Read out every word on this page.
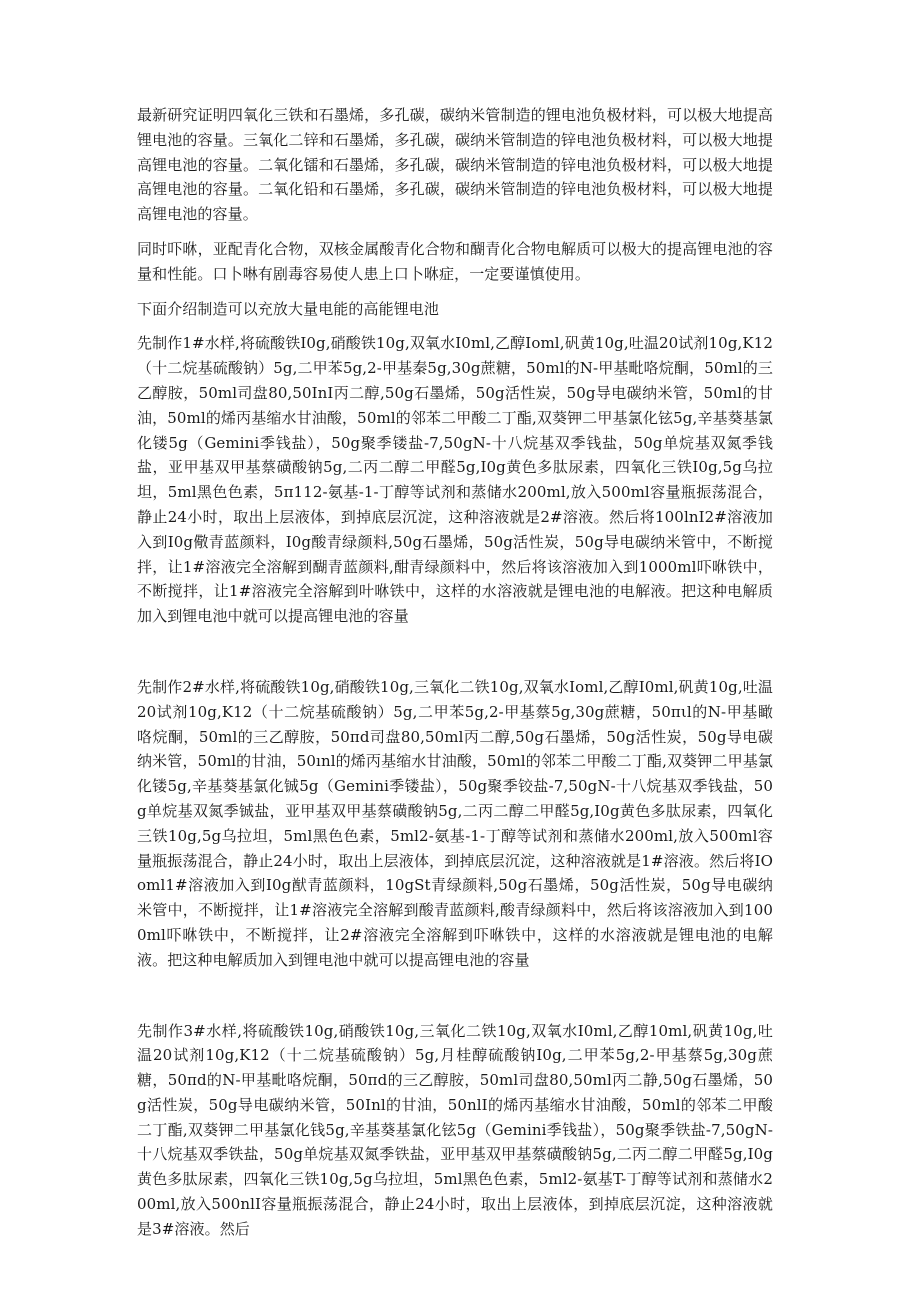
最新研究证明四氧化三铁和石墨烯，多孔碳，碳纳米管制造的锂电池负极材料，可以极大地提高锂电池的容量。三氧化二锌和石墨烯，多孔碳，碳纳米管制造的锌电池负极材料，可以极大地提高锂电池的容量。二氧化镭和石墨烯，多孔碳，碳纳米管制造的锌电池负极材料，可以极大地提高锂电池的容量。二氧化铅和石墨烯，多孔碳，碳纳米管制造的锌电池负极材料，可以极大地提高锂电池的容量。

同时吓咻，亚配青化合物，双核金属酸青化合物和醐青化合物电解质可以极大的提高锂电池的容量和性能。口卜啉有剧毒容易使人患上口卜咻症，一定要谨慎使用。

下面介绍制造可以充放大量电能的高能锂电池

先制作1#水样,将硫酸铁I0g,硝酸铁10g,双氧水I0ml,乙醇Ioml,矾黄10g,吐温20试剂10g,K12（十二烷基硫酸钠）5g,二甲苯5g,2-甲基秦5g,30g蔗糖，50ml的N-甲基毗咯烷酮，50ml的三乙醇胺，50ml司盘80,50InI丙二醇,50g石墨烯，50g活性炭，50g导电碳纳米管，50ml的甘油，50ml的烯丙基缩水甘油酸，50ml的邻苯二甲酸二丁酯,双葵钾二甲基氯化铉5g,辛基葵基氯化镂5g（Gemini季钱盐），50g聚季镂盐-7,50gN-十八烷基双季钱盐，50g单烷基双氮季钱盐，亚甲基双甲基蔡磺酸钠5g,二丙二醇二甲醛5g,I0g黄色多肽尿素，四氧化三铁I0g,5g乌拉坦，5ml黑色色素，5π112-氨基-1-丁醇等试剂和蒸储水200ml,放入500ml容量瓶振荡混合，静止24小时，取出上层液体，到掉底层沉淀，这种溶液就是2#溶液。然后将100lnI2#溶液加入到I0g儆青蓝颜料，I0g酸青绿颜料,50g石墨烯，50g活性炭，50g导电碳纳米管中，不断搅拌，让1#溶液完全溶解到醐青蓝颜料,酣青绿颜料中，然后将该溶液加入到1000ml吓咻铁中，不断搅拌，让1#溶液完全溶解到叶咻铁中，这样的水溶液就是锂电池的电解液。把这种电解质加入到锂电池中就可以提高锂电池的容量

先制作2#水样,将硫酸铁10g,硝酸铁10g,三氧化二铁10g,双氧水Ioml,乙醇I0ml,矾黄10g,吐温20试剂10g,K12（十二烷基硫酸钠）5g,二甲苯5g,2-甲基蔡5g,30g蔗糖，50πιl的N-甲基瞰咯烷酮，50ml的三乙醇胺，50πd司盘80,50ml丙二醇,50g石墨烯，50g活性炭，50g导电碳纳米管，50ml的甘油，50ınl的烯丙基缩水甘油酸，50ml的邻苯二甲酸二丁酯,双葵钾二甲基氯化镂5g,辛基葵基氯化铖5g（Gemini季镂盐），50g聚季铰盐-7,50gN-十八烷基双季钱盐，50g单烷基双氮季铖盐，亚甲基双甲基蔡磺酸钠5g,二丙二醇二甲醛5g,I0g黄色多肽尿素，四氧化三铁10g,5g乌拉坦，5ml黑色色素，5ml2-氨基-1-丁醇等试剂和蒸储水200ml,放入500ml容量瓶振荡混合，静止24小时，取出上层液体，到掉底层沉淀，这种溶液就是1#溶液。然后将IOoml1#溶液加入到I0g猷青蓝颜料，10gSt青绿颜料,50g石墨烯，50g活性炭，50g导电碳纳米管中，不断搅拌，让1#溶液完全溶解到酸青蓝颜料,酸青绿颜料中，然后将该溶液加入到1000ml吓咻铁中，不断搅拌，让2#溶液完全溶解到吓咻铁中，这样的水溶液就是锂电池的电解液。把这种电解质加入到锂电池中就可以提高锂电池的容量

先制作3#水样,将硫酸铁10g,硝酸铁10g,三氧化二铁10g,双氧水I0ml,乙醇10ml,矾黄10g,吐温20试剂10g,K12（十二烷基硫酸钠）5g,月桂醇硫酸钠I0g,二甲苯5g,2-甲基蔡5g,30g蔗糖，50πd的N-甲基毗咯烷酮，50πd的三乙醇胺，50ml司盘80,50ml丙二静,50g石墨烯，50g活性炭，50g导电碳纳米管，50Inl的甘油，50nlI的烯丙基缩水甘油酸，50ml的邻苯二甲酸二丁酯,双葵钾二甲基氯化钱5g,辛基葵基氯化铉5g（Gemini季钱盐），50g聚季铁盐-7,50gN-十八烷基双季铁盐，50g单烷基双氮季铁盐，亚甲基双甲基蔡磺酸钠5g,二丙二醇二甲醛5g,I0g黄色多肽尿素，四氧化三铁10g,5g乌拉坦，5ml黑色色素，5ml2-氨基T-丁醇等试剂和蒸储水200ml,放入500nlI容量瓶振荡混合，静止24小时，取出上层液体，到掉底层沉淀，这种溶液就是3#溶液。然后
